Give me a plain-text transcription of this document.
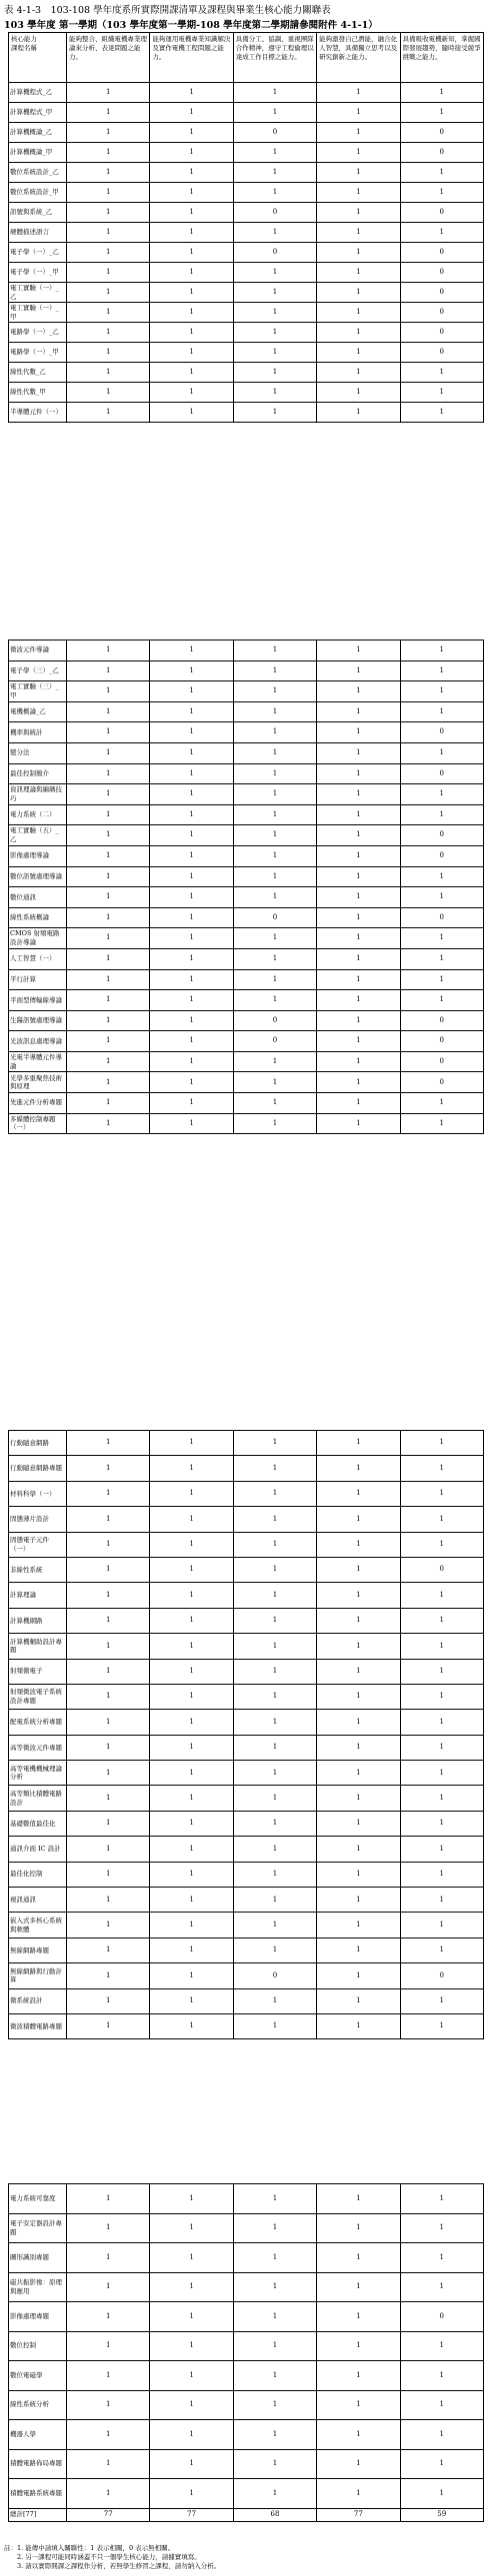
表 4-1-3　103-108 學年度系所實際開課清單及課程與畢業生核心能力關聯表
103 學年度 第一學期（103 學年度第一學期-108 學年度第二學期請參閱附件 4-1-1）
核心能力
課程名稱	能夠整合、組織電機專業理論來分析、表達問題之能力。	能夠運用電機專業知識解決及實作電機工程問題之能力。	具備分工、協調、重視團隊合作精神，遵守工程倫理以達成工作目標之能力。	能夠激發自己潛能，融合化人智慧，具備獨立思考以及研究創新之能力。	具備吸收電機新知，掌握國際發展趨勢，隨時接受競爭挑戰之能力。
計算機程式_乙	1	1	1	1	1
計算機程式_甲	1	1	1	1	1
計算機概論_乙	1	1	0	1	0
計算機概論_甲	1	1	1	1	0
數位系統設計_乙	1	1	1	1	1
數位系統設計_甲	1	1	1	1	1
訊號與系統_乙	1	1	0	1	0
硬體描述語言	1	1	1	1	1
電子學（一）_乙	1	1	0	1	0
電子學（一）_甲	1	1	1	1	0
電工實驗（一）_乙	1	1	1	1	0
電工實驗（一）_甲	1	1	1	1	0
電路學（一）_乙	1	1	1	1	0
電路學（一）_甲	1	1	1	1	0
線性代數_乙	1	1	1	1	1
線性代數_甲	1	1	1	1	1
半導體元件（一）	1	1	1	1	1
微波元件導論	1	1	1	1	1
電子學（三）_乙	1	1	1	1	1
電工實驗（三）_甲	1	1	1	1	1
電機概論_乙	1	1	1	1	1
機率與統計	1	1	1	1	0
變分法	1	1	1	1	1
最佳控制簡介	1	1	1	1	0
資訊理論與編碼技巧	1	1	1	1	1
電力系統（二）	1	1	1	1	1
電工實驗（五）_乙	1	1	1	1	0
影像處理導論	1	1	1	1	0
數位訊號處理導論	1	1	1	1	1
數位通訊	1	1	1	1	1
線性系統概論	1	1	0	1	0
CMOS 射頻電路設計導論	1	1	1	1	1
人工智慧（一）	1	1	1	1	1
平行計算	1	1	1	1	1
平面型傳輸線導論	1	1	1	1	1
生醫訊號處理導論	1	1	0	1	0
光波訊息處理導論	1	1	0	1	0
光電半導體元件導論	1	1	1	1	0
光學多重聚焦技術與原理	1	1	1	1	0
先進元件分析專題	1	1	1	1	1
多媒體控制專題（一）	1	1	1	1	1
行動隨意網路	1	1	1	1	1
行動隨意網路專題	1	1	1	1	1
材料科學（一）	1	1	1	1	1
固態薄片設計	1	1	1	1	1
固態電子元件（一）	1	1	1	1	1
非線性系統	1	1	1	1	0
計算理論	1	1	1	1	1
計算機網路	1	1	1	1	1
計算機輔助設計專題	1	1	1	1	1
射頻微電子	1	1	1	1	1
射頻微波電子系統設計專題	1	1	1	1	1
配電系統分析專題	1	1	1	1	1
高等微波元件專題	1	1	1	1	1
高等電機機械理論分析	1	1	1	1	1
高等類比積體電路設計	1	1	1	1	1
基礎數值最佳化	1	1	1	1	1
通訊介面 IC 設計	1	1	1	1	1
最佳化控制	1	1	1	1	1
視訊通訊	1	1	1	1	1
嵌入式多核心系統與軟體	1	1	1	1	1
無線網路專題	1	1	1	1	1
無線網路與行動計算	1	1	0	1	0
微系統設計	1	1	1	1	1
微波積體電路專題	1	1	1	1	1
電力系統可靠度	1	1	1	1	1
電子安定器設計專題	1	1	1	1	1
圖形識別專題	1	1	1	1	1
磁共振影像：原理與應用	1	1	1	1	1
影像處理專題	1	1	1	1	0
數位控制	1	1	1	1	1
數位電磁學	1	1	1	1	1
線性系統分析	1	1	1	1	1
機器人學	1	1	1	1	1
積體電路佈局專題	1	1	1	1	1
積體電路系統專題	1	1	1	1	1
總計[77]	77	77	68	77	59
註：1. 能傳中請填入關聯性：1 表示相關，0 表示無相關。
　　2. 另一課程可能同時涵蓋不只一個學生核心能力，請據實填寫。
　　3. 請以實際開課之課程作分析，若無學生修習之課程，請勿納入分析。
